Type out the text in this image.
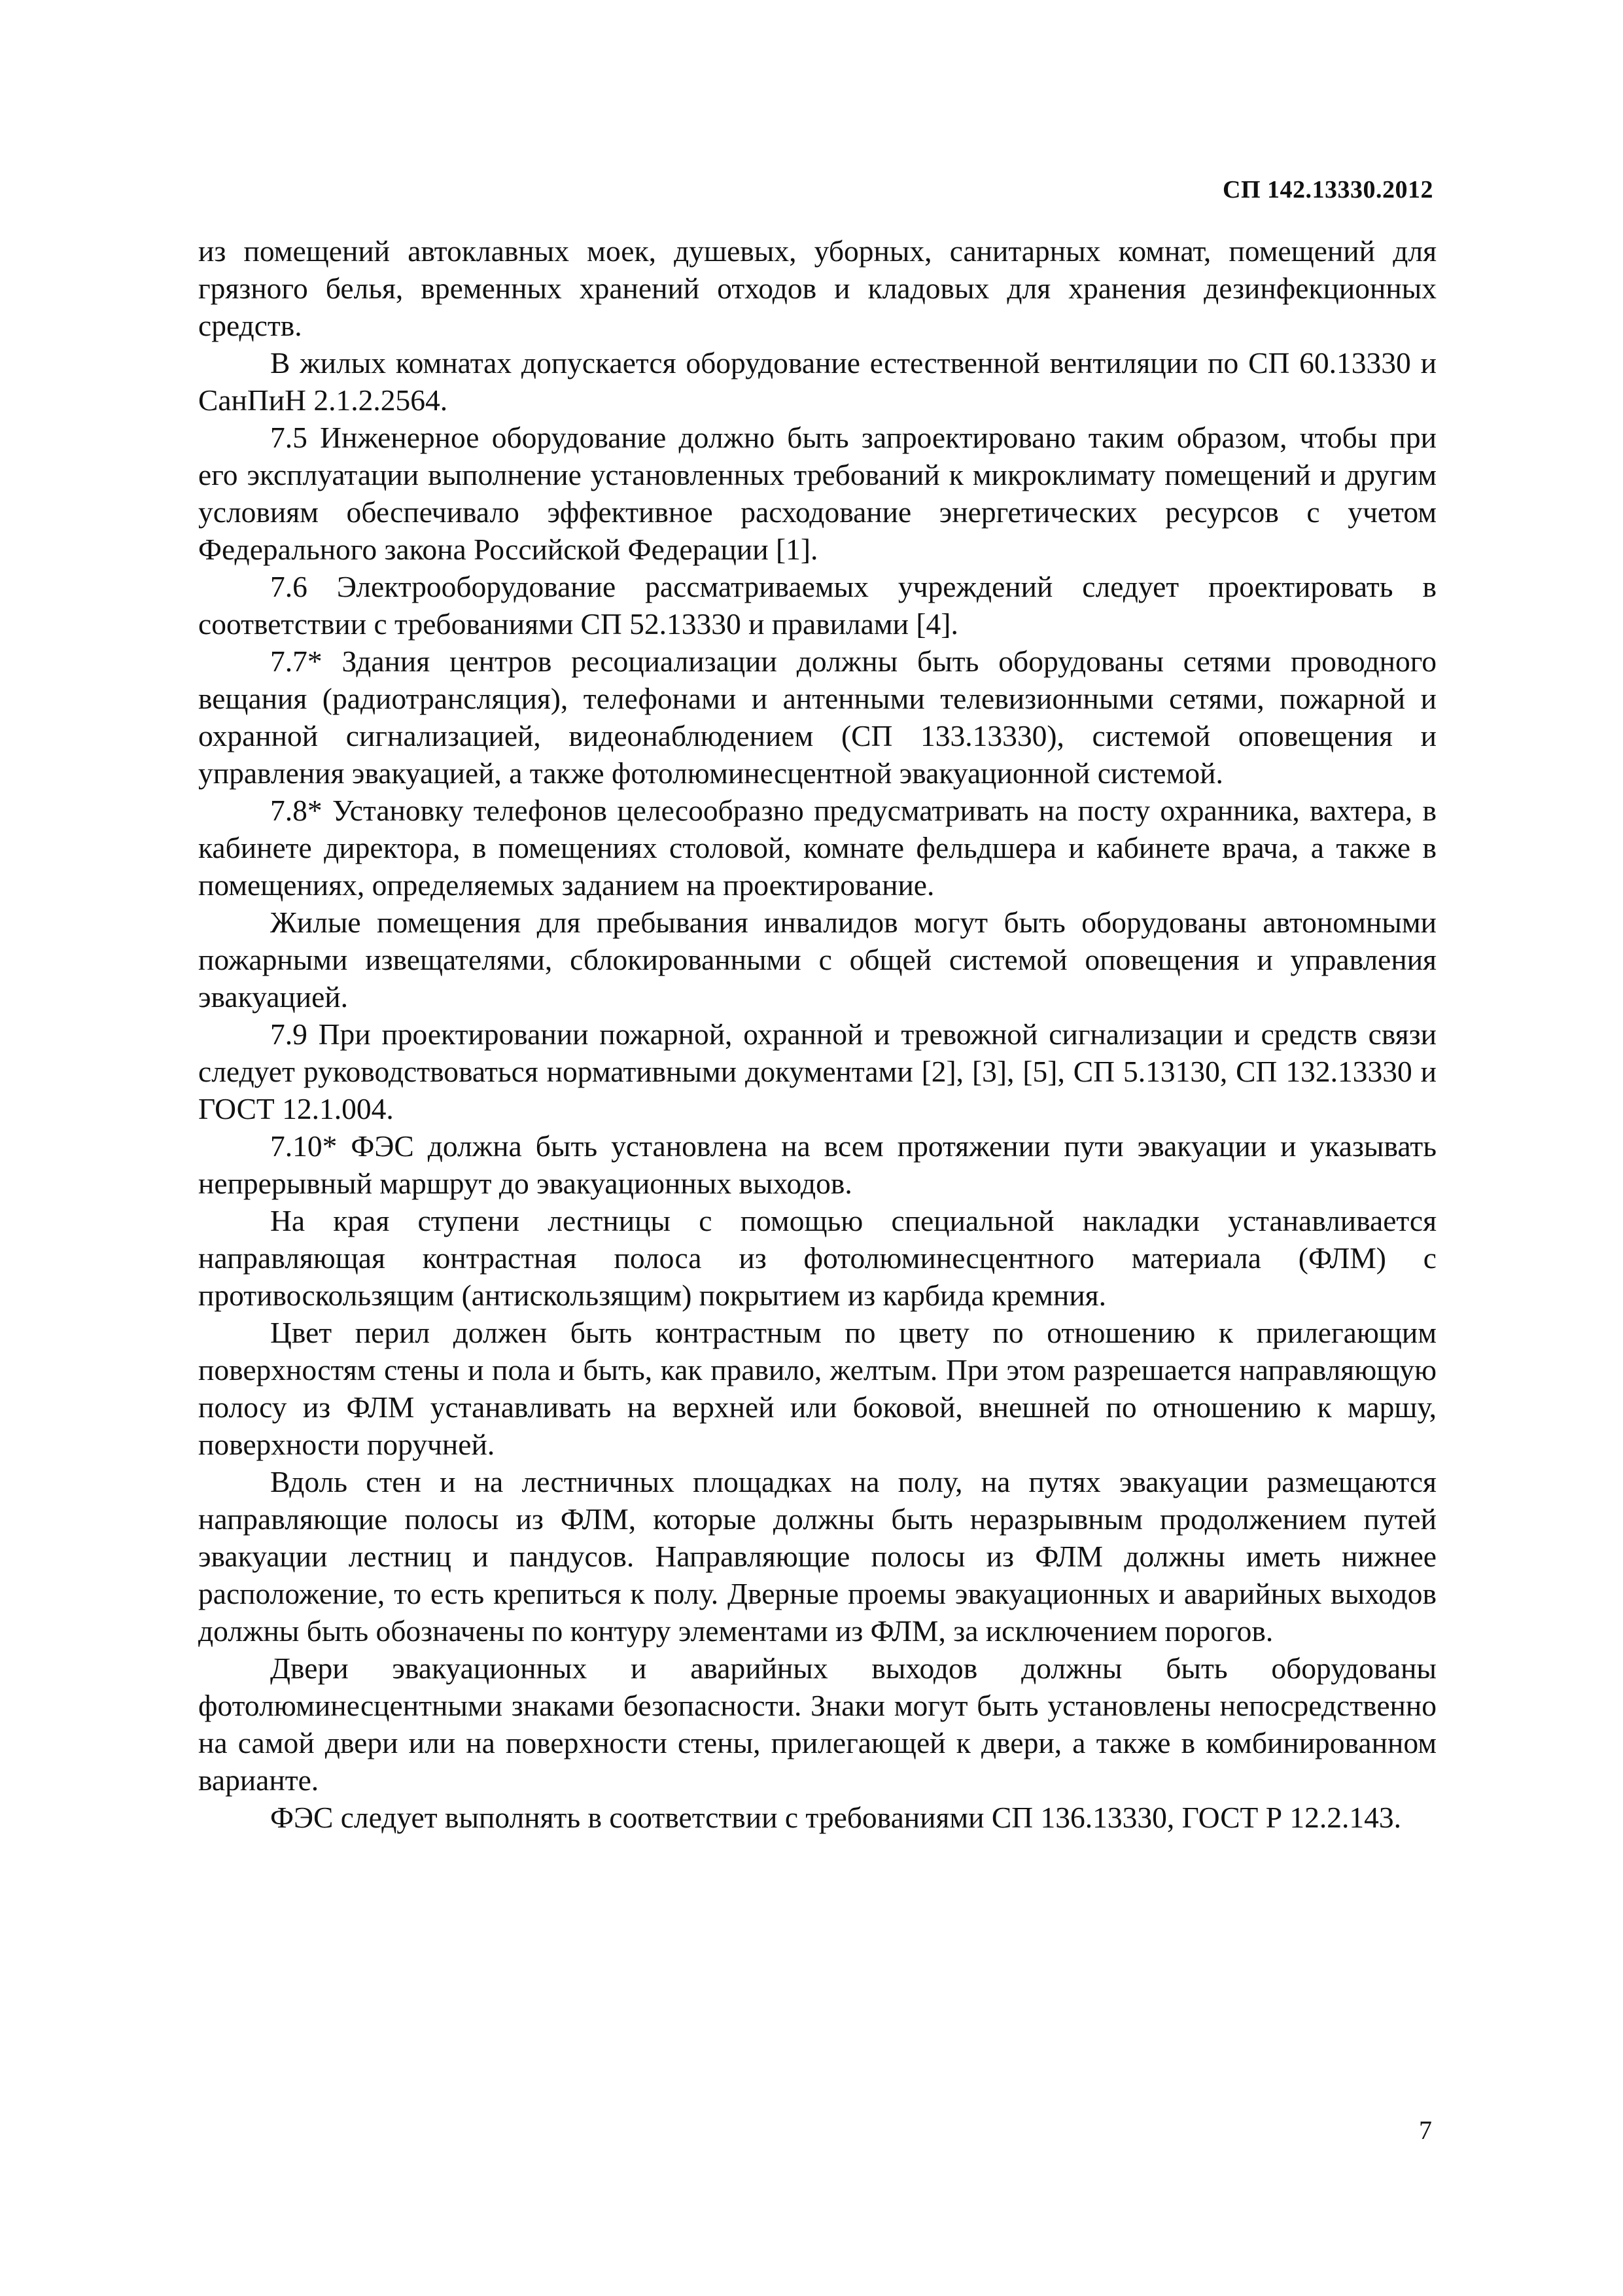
СП 142.13330.2012

из помещений автоклавных моек, душевых, уборных, санитарных комнат, помещений для грязного белья, временных хранений отходов и кладовых для хранения дезинфекционных средств.

В жилых комнатах допускается оборудование естественной вентиляции по СП 60.13330 и СанПиН 2.1.2.2564.

7.5 Инженерное оборудование должно быть запроектировано таким образом, чтобы при его эксплуатации выполнение установленных требований к микроклимату помещений и другим условиям обеспечивало эффективное расходование энергетических ресурсов с учетом Федерального закона Российской Федерации [1].

7.6 Электрооборудование рассматриваемых учреждений следует проектировать в соответствии с требованиями СП 52.13330 и правилами [4].

7.7* Здания центров ресоциализации должны быть оборудованы сетями проводного вещания (радиотрансляция), телефонами и антенными телевизионными сетями, пожарной и охранной сигнализацией, видеонаблюдением (СП 133.13330), системой оповещения и управления эвакуацией, а также фотолюминесцентной эвакуационной системой.

7.8* Установку телефонов целесообразно предусматривать на посту охранника, вахтера, в кабинете директора, в помещениях столовой, комнате фельдшера и кабинете врача, а также в помещениях, определяемых заданием на проектирование.

Жилые помещения для пребывания инвалидов могут быть оборудованы автономными пожарными извещателями, сблокированными с общей системой оповещения и управления эвакуацией.

7.9 При проектировании пожарной, охранной и тревожной сигнализации и средств связи следует руководствоваться нормативными документами [2], [3], [5], СП 5.13130, СП 132.13330 и ГОСТ 12.1.004.

7.10* ФЭС должна быть установлена на всем протяжении пути эвакуации и указывать непрерывный маршрут до эвакуационных выходов.

На края ступени лестницы с помощью специальной накладки устанавливается направляющая контрастная полоса из фотолюминесцентного материала (ФЛМ) с противоскользящим (антискользящим) покрытием из карбида кремния.

Цвет перил должен быть контрастным по цвету по отношению к прилегающим поверхностям стены и пола и быть, как правило, желтым. При этом разрешается направляющую полосу из ФЛМ устанавливать на верхней или боковой, внешней по отношению к маршу, поверхности поручней.

Вдоль стен и на лестничных площадках на полу, на путях эвакуации размещаются направляющие полосы из ФЛМ, которые должны быть неразрывным продолжением путей эвакуации лестниц и пандусов. Направляющие полосы из ФЛМ должны иметь нижнее расположение, то есть крепиться к полу. Дверные проемы эвакуационных и аварийных выходов должны быть обозначены по контуру элементами из ФЛМ, за исключением порогов.

Двери эвакуационных и аварийных выходов должны быть оборудованы фотолюминесцентными знаками безопасности. Знаки могут быть установлены непосредственно на самой двери или на поверхности стены, прилегающей к двери, а также в комбинированном варианте.

ФЭС следует выполнять в соответствии с требованиями СП 136.13330, ГОСТ Р 12.2.143.

7
